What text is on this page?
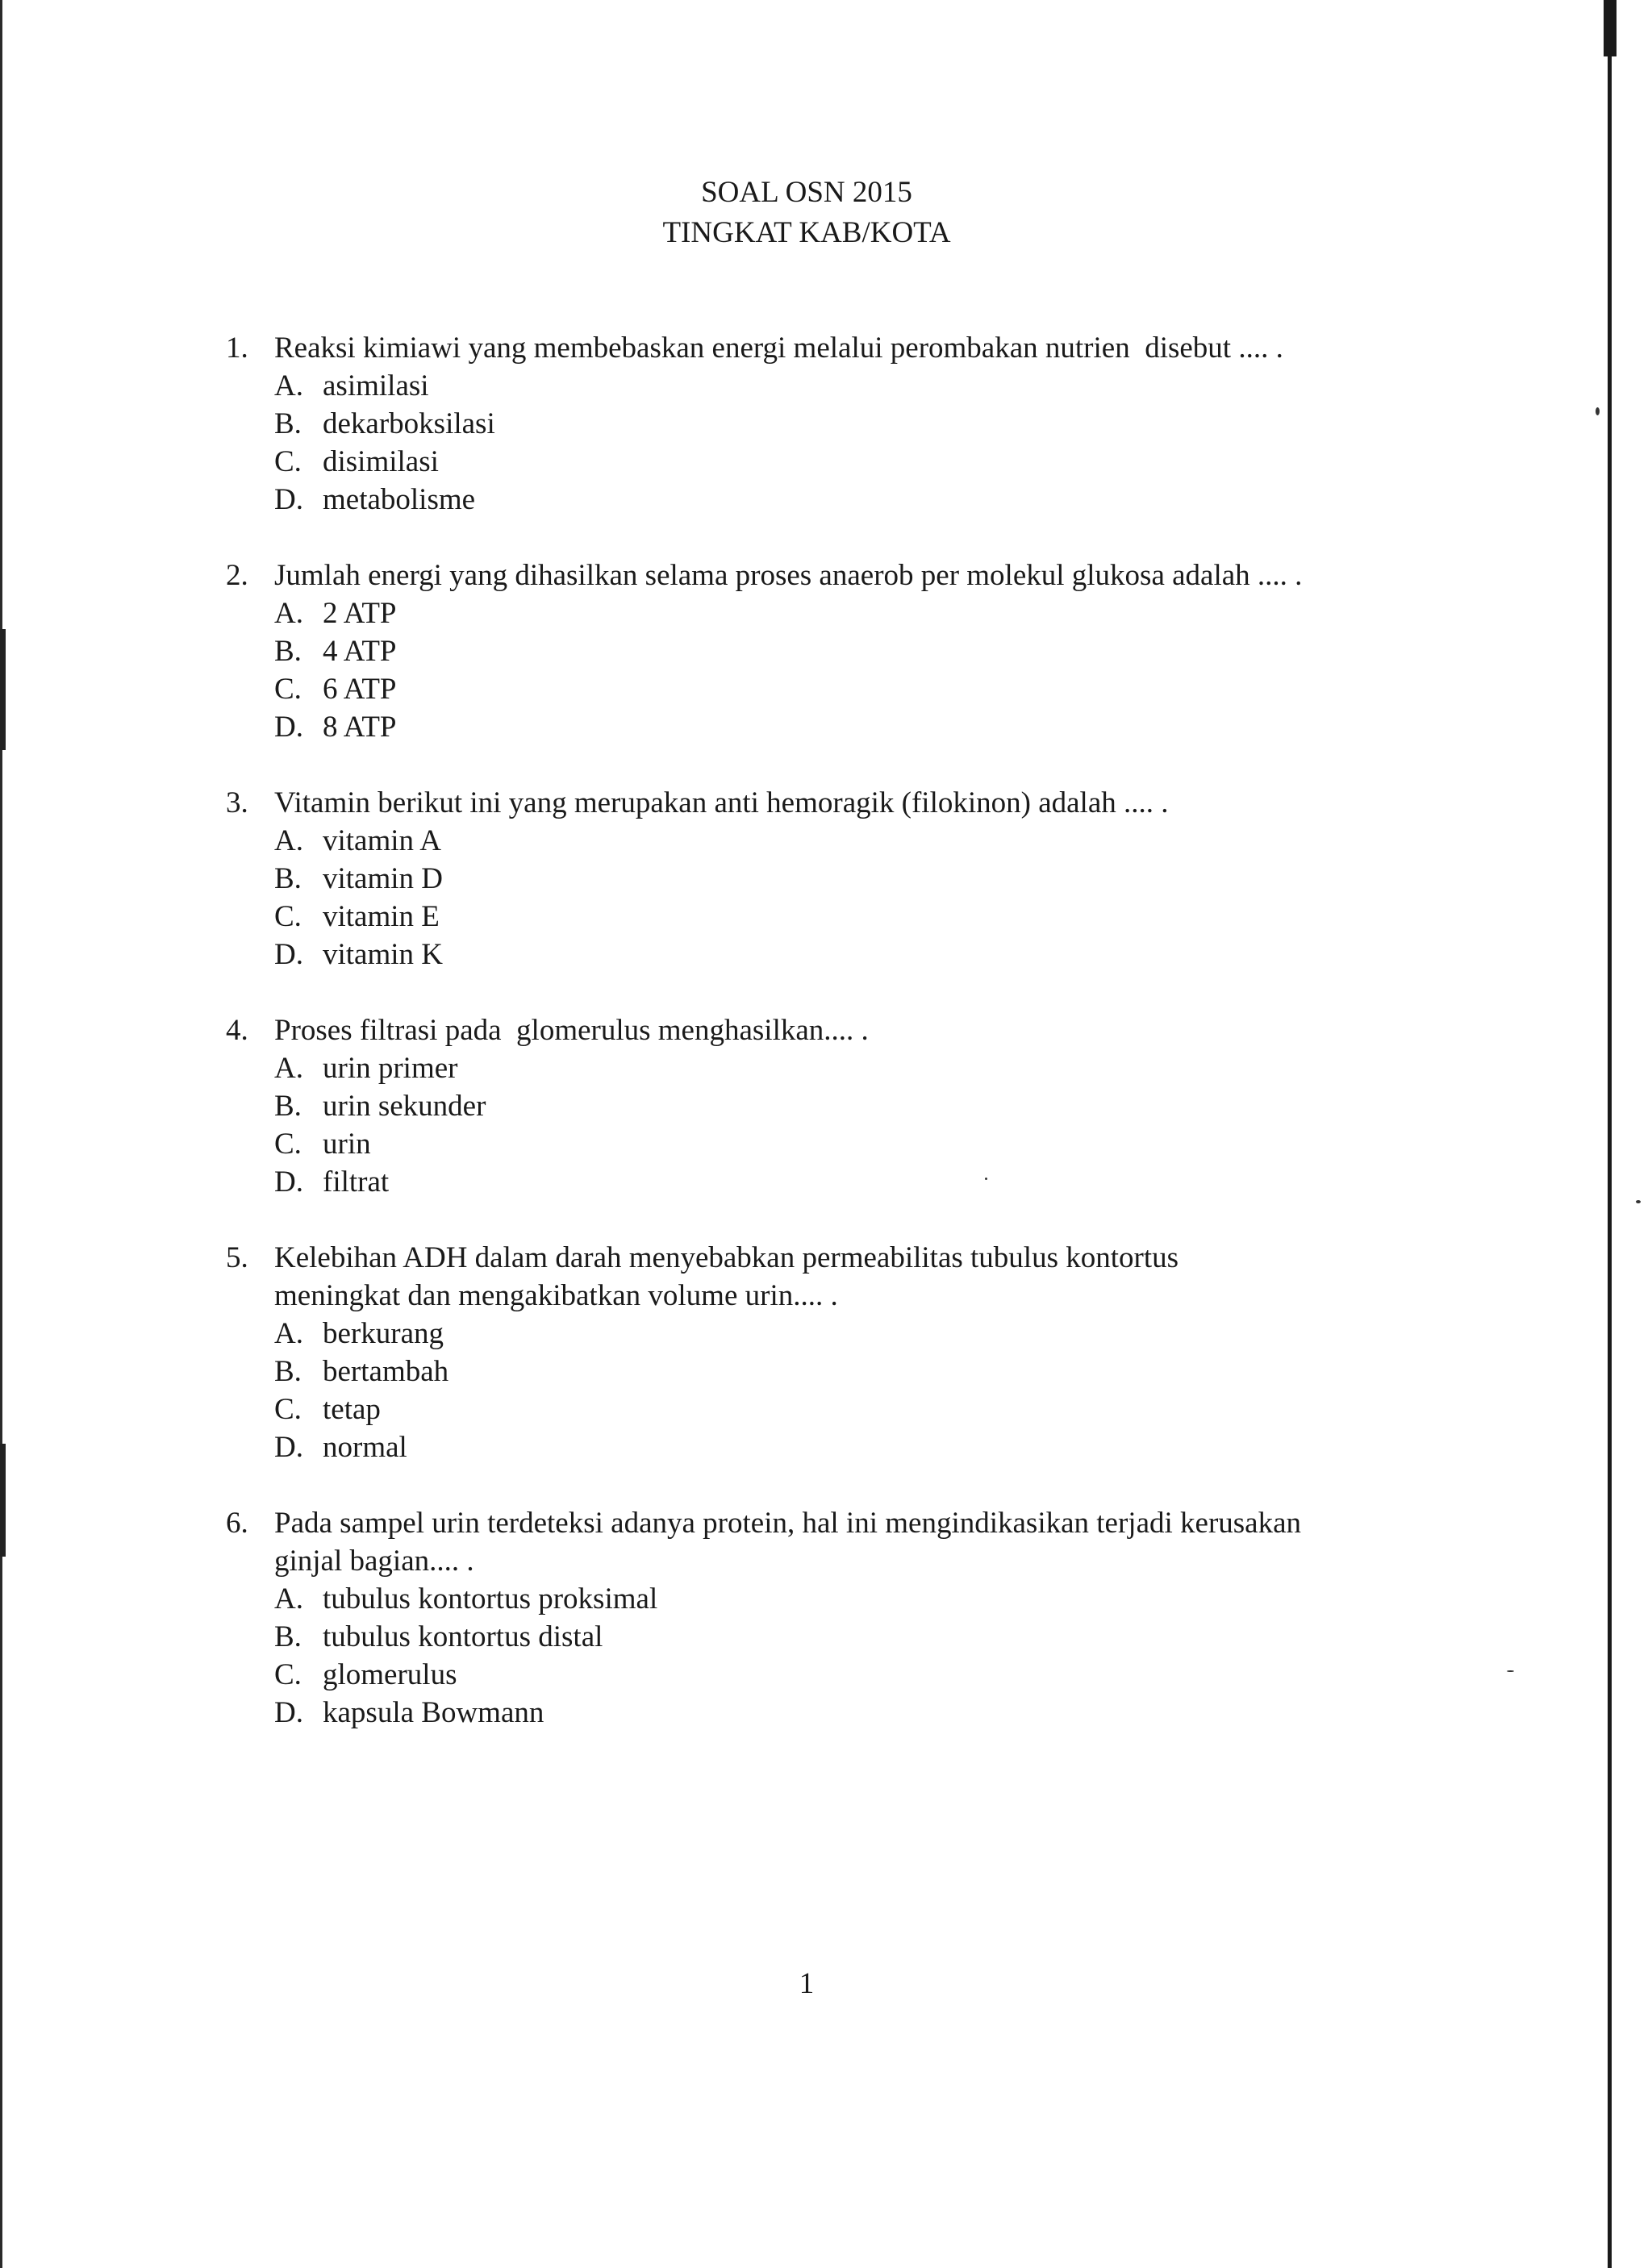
SOAL OSN 2015
TINGKAT KAB/KOTA
1. Reaksi kimiawi yang membebaskan energi melalui perombakan nutrien  disebut .... .
A. asimilasi
B. dekarboksilasi
C. disimilasi
D. metabolisme
2. Jumlah energi yang dihasilkan selama proses anaerob per molekul glukosa adalah .... .
A. 2 ATP
B. 4 ATP
C. 6 ATP
D. 8 ATP
3. Vitamin berikut ini yang merupakan anti hemoragik (filokinon) adalah .... .
A. vitamin A
B. vitamin D
C. vitamin E
D. vitamin K
4. Proses filtrasi pada  glomerulus menghasilkan.... .
A. urin primer
B. urin sekunder
C. urin
D. filtrat
5. Kelebihan ADH dalam darah menyebabkan permeabilitas tubulus kontortus
meningkat dan mengakibatkan volume urin.... .
A. berkurang
B. bertambah
C. tetap
D. normal
6. Pada sampel urin terdeteksi adanya protein, hal ini mengindikasikan terjadi kerusakan
ginjal bagian.... .
A. tubulus kontortus proksimal
B. tubulus kontortus distal
C. glomerulus
D. kapsula Bowmann
1
